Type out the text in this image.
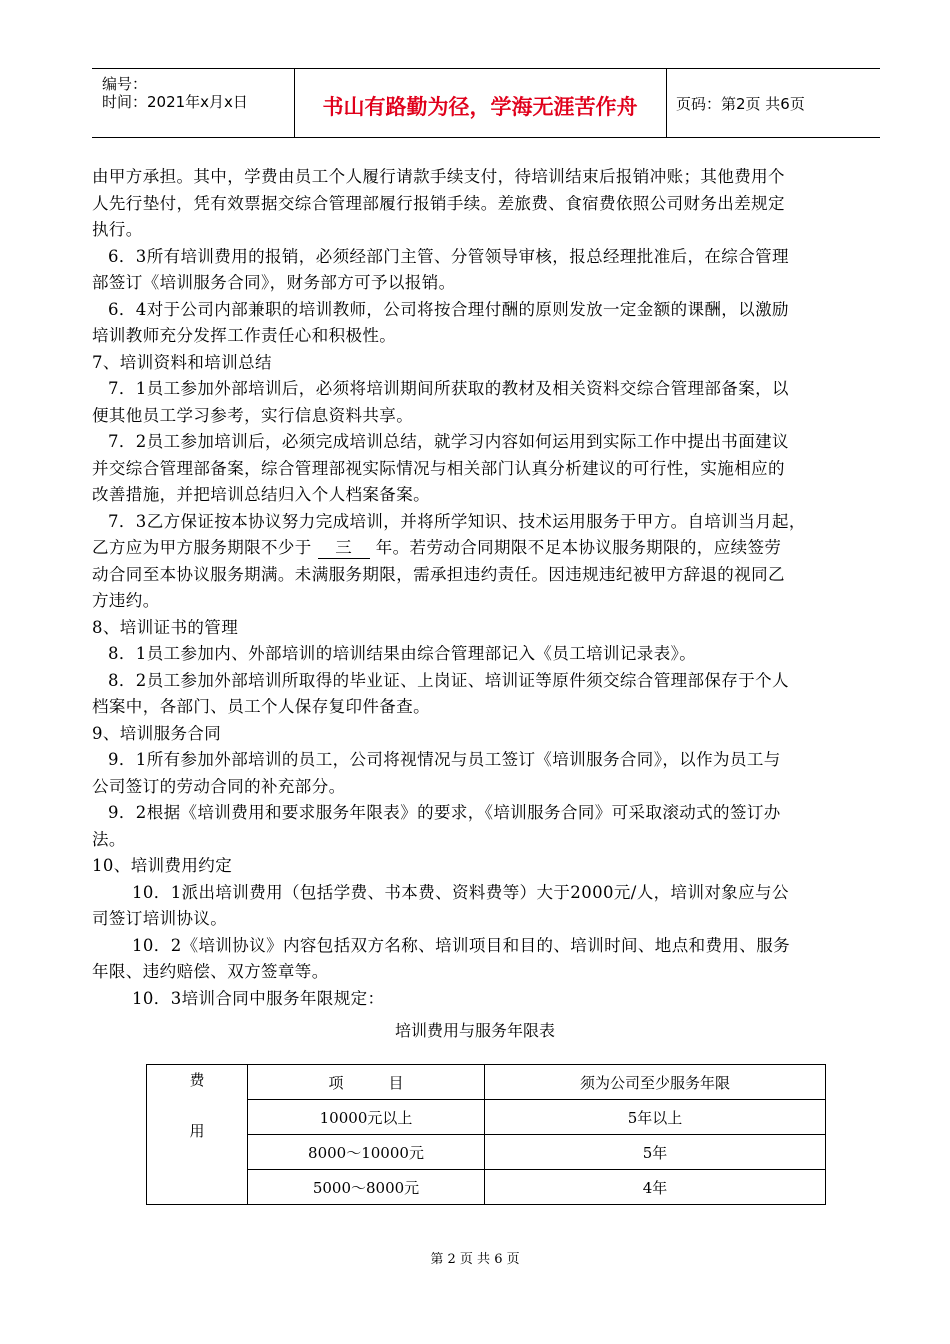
编号：
时间：2021年x月x日	书山有路勤为径，学海无涯苦作舟	页码：第2页 共6页
由甲方承担。其中，学费由员工个人履行请款手续支付，待培训结束后报销冲账；其他费用个
人先行垫付，凭有效票据交综合管理部履行报销手续。差旅费、食宿费依照公司财务出差规定
执行。
6．3所有培训费用的报销，必须经部门主管、分管领导审核，报总经理批准后，在综合管理
部签订《培训服务合同》，财务部方可予以报销。
6．4对于公司内部兼职的培训教师，公司将按合理付酬的原则发放一定金额的课酬，以激励
培训教师充分发挥工作责任心和积极性。
7、培训资料和培训总结
7．1员工参加外部培训后，必须将培训期间所获取的教材及相关资料交综合管理部备案，以
便其他员工学习参考，实行信息资料共享。
7．2员工参加培训后，必须完成培训总结，就学习内容如何运用到实际工作中提出书面建议
并交综合管理部备案，综合管理部视实际情况与相关部门认真分析建议的可行性，实施相应的
改善措施，并把培训总结归入个人档案备案。
7．3乙方保证按本协议努力完成培训，并将所学知识、技术运用服务于甲方。自培训当月起，
乙方应为甲方服务期限不少于 三 年。若劳动合同期限不足本协议服务期限的，应续签劳
动合同至本协议服务期满。未满服务期限，需承担违约责任。因违规违纪被甲方辞退的视同乙
方违约。
8、培训证书的管理
8．1员工参加内、外部培训的培训结果由综合管理部记入《员工培训记录表》。
8．2员工参加外部培训所取得的毕业证、上岗证、培训证等原件须交综合管理部保存于个人
档案中，各部门、员工个人保存复印件备查。
9、培训服务合同
9．1所有参加外部培训的员工，公司将视情况与员工签订《培训服务合同》，以作为员工与
公司签订的劳动合同的补充部分。
9．2根据《培训费用和要求服务年限表》的要求，《培训服务合同》可采取滚动式的签订办
法。
10、培训费用约定
10．1派出培训费用（包括学费、书本费、资料费等）大于2000元/人，培训对象应与公
司签订培训协议。
10．2《培训协议》内容包括双方名称、培训项目和目的、培训时间、地点和费用、服务
年限、违约赔偿、双方签章等。
10．3培训合同中服务年限规定：
培训费用与服务年限表
费
用	项　　　目	须为公司至少服务年限
	10000元以上	5年以上
	8000～10000元	5年
	5000～8000元	4年
第 2 页 共 6 页
